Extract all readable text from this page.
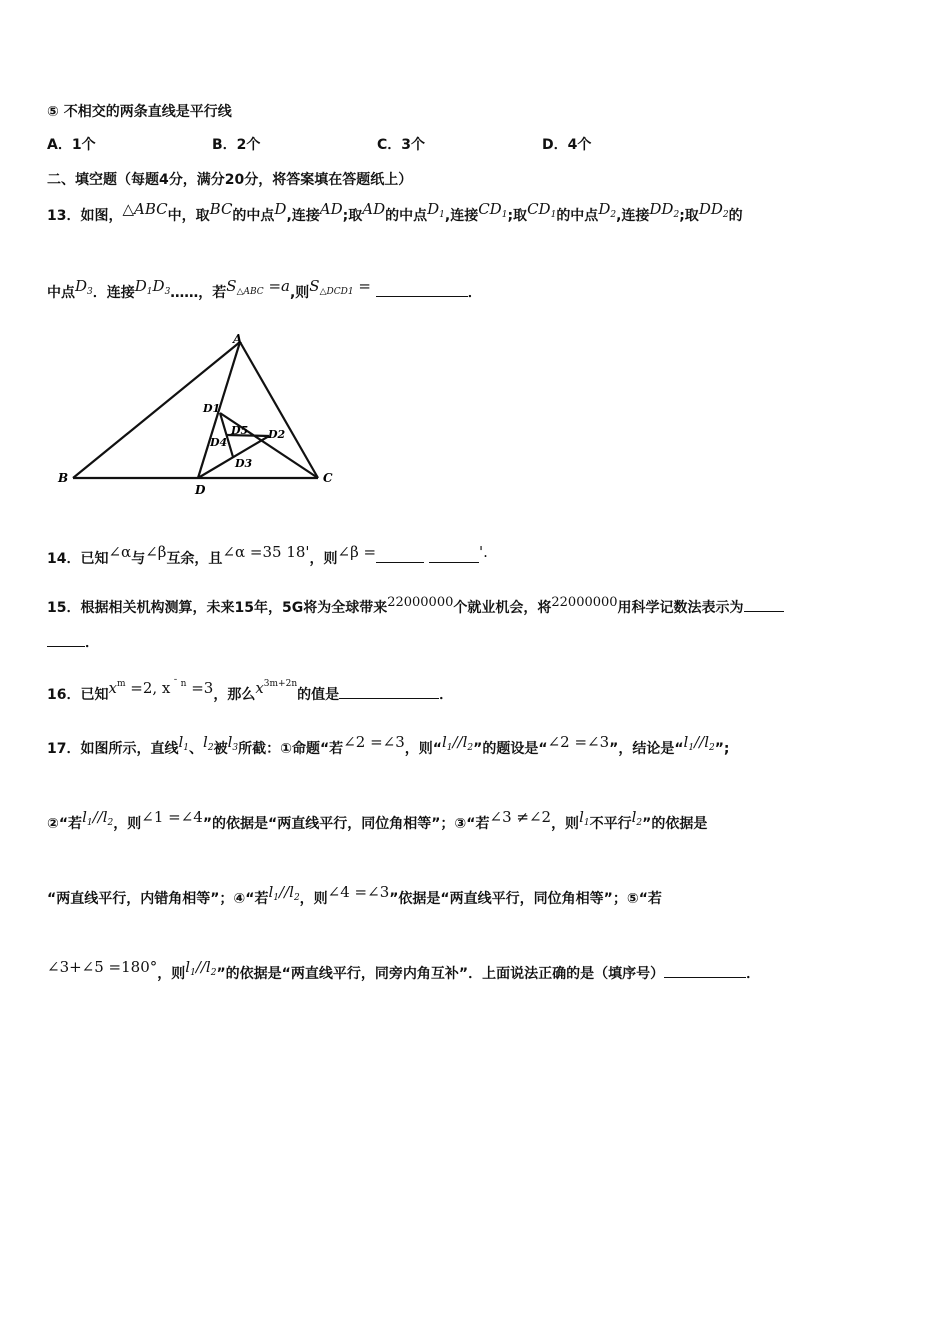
⑤ 不相交的两条直线是平行线
A．1个	B．2个	C．3个	D．4个
二、填空题（每题4分，满分20分，将答案填在答题纸上）
13．如图，△ABC中，取BC的中点D,连接AD;取AD的中点$D_1$,连接$CD_1$;取$CD_1$的中点$D_2$,连接$DD_2$;取$DD_2$的
中点$D_3$．连接$D_1D_3\dots\dots$，若$S_{\triangle ABC} =a$,则$S_{\triangle DCD1}$ =	．
A
B	C
D
D1
D2
D3
D4
D5
14．已知∠α与∠β互余，且∠α =35 18'，则∠β =	'.
15．根据相关机构测算，未来15年，5G将为全球带来22000000个就业机会，将22000000用科学记数法表示为
．
16．已知$x^m =2$, x $^{ˉ n}$ =3，那么$x^{3m+2n}$的值是	．
17．如图所示，直线$l_1$、$l_2$被$l_3$所截：①命题“若∠2 =∠3，则“$l_1//l_2$”的题设是“∠2 =∠3”，结论是“$l_1//l_2$”;
②“若$l_1//l_2$，则∠1 =∠4”的依据是“两直线平行，同位角相等”；③“若∠3 ≠∠2，则$l_1$不平行$l_2$”的依据是
“两直线平行，内错角相等”；④“若$l_1//l_2$，则∠4 =∠3”依据是“两直线平行，同位角相等”；⑤“若
∠3+∠5 =180°，则$l_1//l_2$”的依据是“两直线平行，同旁内角互补”．上面说法正确的是（填序号）	．
